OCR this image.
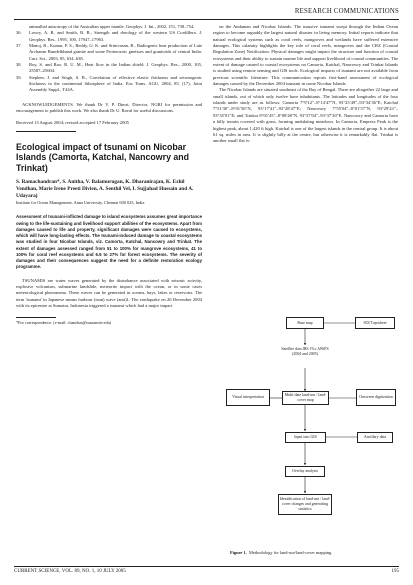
RESEARCH COMMUNICATIONS
animalbal anisotropy of the Australian upper mantle. Geophys. J. Int., 2002, 151, 738–754.
36.	Lowry, A. R. and Smith, R. B., Strength and rheology of the western US Cordillera. J. Geophys. Res., 1995, 100, 17947–17963.
37.	Manoj, R., Kumar, P. S., Reddy, G. K. and Srinivasan, R., Radiogenic heat production of Late Archaean Bundelkhand granite and some Proterozoic gneisses and granitoids of central India. Curr. Sci., 2003, 85, 634–638.
38.	Roy, S. and Rao, R. U. M., Heat flow in the Indian shield. J. Geophys. Res., 2000, 105, 25587–25604.
39.	Stephen, J. and Singh, S. B., Correlation of effective elastic thickness and seismogenic thickness in the continental lithosphere of India. Eos Trans. AGU, 2004, 85, (17), Joint Assembly Suppl., T44A.
ACKNOWLEDGEMENTS. We thank Dr V. P. Dimri, Director, NGRI for permission and encouragement to publish this work. We also thank Dr U. Raval for useful discussions.
Received 13 August 2004; revised accepted 17 February 2005
Ecological impact of tsunami on Nicobar Islands (Camorta, Katchal, Nancowry and Trinkat)
S. Ramachandran*, S. Anitha, V. Balamurugan, K. Dharanirajan, K. Ezhil Vendhan, Marie Irene Preeti Divien, A. Senthil Vel, I. Sujjahad Hussain and A. Udayaraj
Institute for Ocean Management, Anna University, Chennai 600 025, India
Assessment of tsunami-inflicted damage to island ecosystems assumes great importance owing to the life-sustaining and livelihood support abilities of the ecosystems. Apart from damages caused to life and property, significant damages were caused to ecosystems, which will have long-lasting effects. The tsunami-induced damage to coastal ecosystems was studied in four Nicobar Islands, viz. Camorta, Katchal, Nancowry and Trinkat. The extent of damages assessed ranged from 51 to 100% for mangrove ecosystems, 41 to 100% for coral reef ecosystems and 6.5 to 27% for forest ecosystems. The severity of damages and their consequences suggest the need for a definite restoration ecology programme.
TSUNAMIS are water waves generated by the disturbance associated with seismic activity, explosive volcanism, submarine landslide, meteorite impact with the ocean, or in some cases meteorological phenomena. These waves can be generated in oceans, bays, lakes or reservoirs. The term 'tsunami' in Japanese means harbour (tsun) wave (ami)1. The earthquake on 26 December 2004 with its epicentre at Sumatra, Indonesia triggered a tsunami which had a major impact
*For correspondence. (e-mail: chandras@tsunamiiv.edu)
on the Andaman and Nicobar Islands. The massive tsunami swept through the Indian Ocean region to become arguably the largest natural disaster in living memory. Initial reports indicate that natural ecological systems such as coral reefs, mangroves and wetlands have suffered extensive damages. This calamity highlights the key role of coral reefs, mangroves and the CRZ (Coastal Regulation Zone) Notification. Physical damages might impact the structure and function of coastal ecosystems and their ability to sustain marine life and support livelihood of coastal communities. The extent of damage caused to coastal ecosystems on Camorta, Katchal, Nancowry and Trinkat Islands is studied using remote sensing and GIS tools. Ecological impacts of tsunami are not available from previous scientific literature. This communication reports first-hand assessment of ecological damages caused by the December 2004 tsunami in some Nicobar Islands.
The Nicobar Islands are situated southeast of the Bay of Bengal. There are altogether 22 large and small islands, out of which only twelve have inhabitants. The latitudes and longitudes of the four islands under study are as follows: Camorta 7°9′12″–8°14′47″N, 93°25′49″–93°34′36″E; Katchal 7°51′30″–8°01′56″N, 93°17′41″–93°28′47″E; Nancowry 7°55′04″–8°01′57″N, 93°29′23″–93°35′01″E; and Trinkat 8°01′45″–8°08′48″N, 93°37′04″–93°37′30″E. Nancowry and Camorta have a hilly terrain covered with grass, forming undulating meadows. In Camorta, Empress Peak is the highest peak, about 1,420 ft high. Katchal is one of the largest islands in the central group. It is about 61 sq. miles in area. It is slightly hilly at the centre, but otherwise it is remarkably flat. Trinkat is another small flat is-
Base map	SOI Toposheet
Satellite data IRS 1%c AWiFS (2004 and 2005)
Visual interpretation	Multi-date land-use / land-cover map
Onscreen digitization
Input into GIS	Ancillary data
Overlay analysis
Identification of land-use / land-cover changes and generating statistics
Figure 1. Methodology for land-use/land-cover mapping.
CURRENT SCIENCE, VOL. 89, NO. 1, 10 JULY 2005	195
